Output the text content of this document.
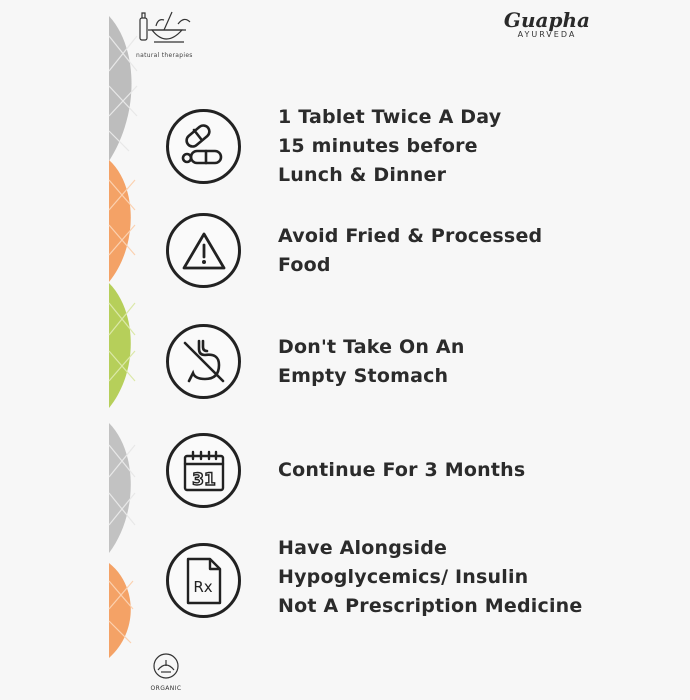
natural therapies
Guapha
AYURVEDA
1 Tablet Twice A Day
15 minutes before
Lunch & Dinner
Avoid Fried & Processed
Food
Don't Take On An
Empty Stomach
31	Continue For 3 Months
Rx
Have Alongside
Hypoglycemics/ Insulin
Not A Prescription Medicine
ORGANIC
